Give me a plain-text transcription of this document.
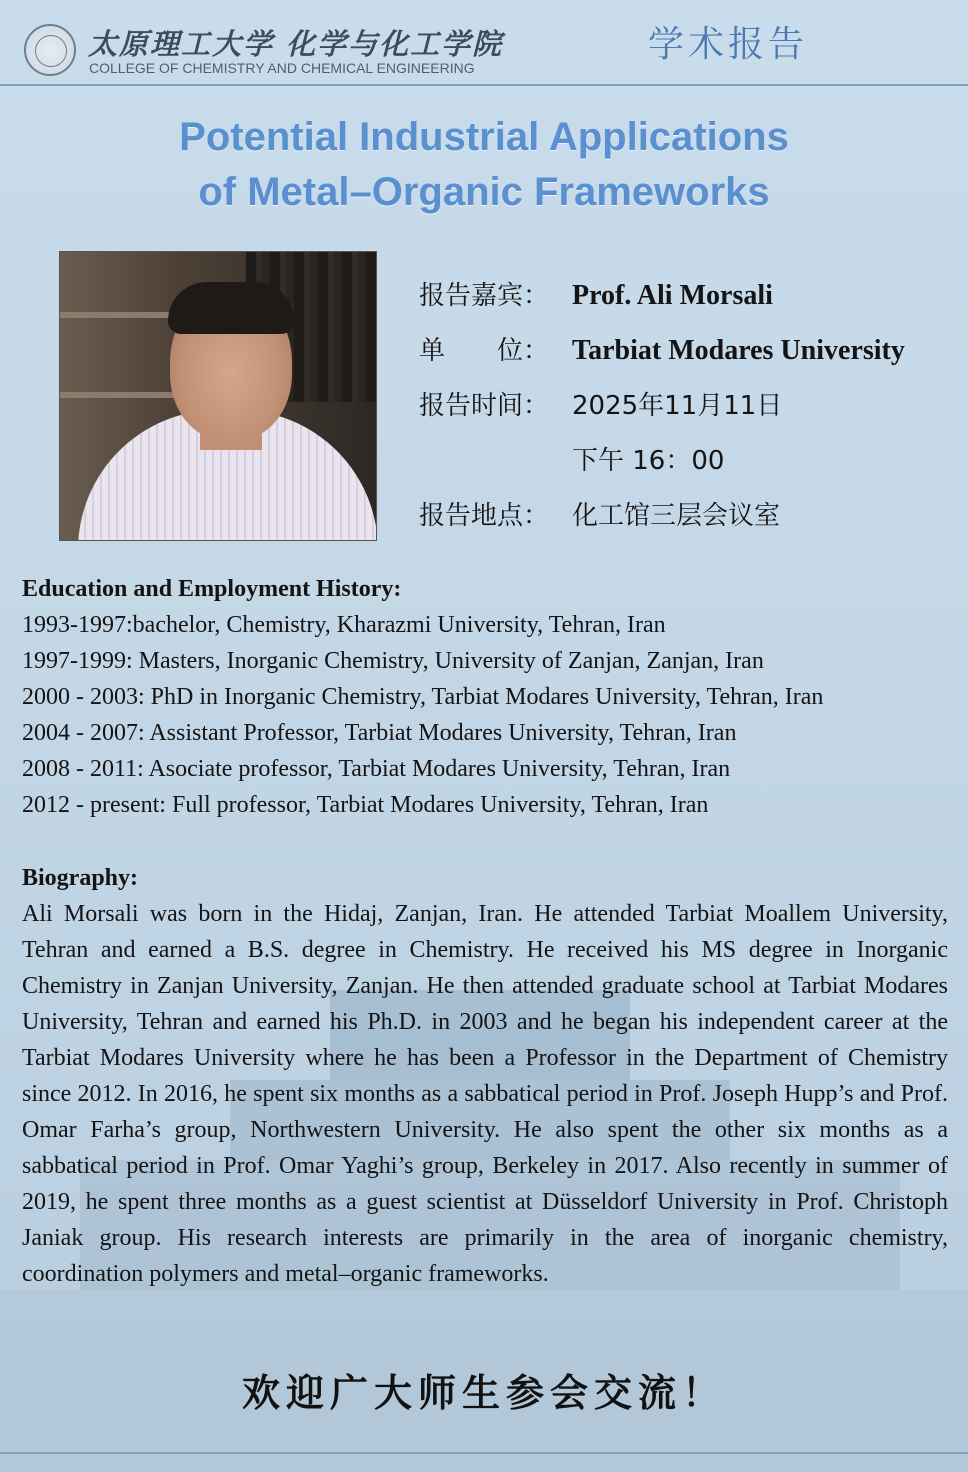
太原理工大学 化学与化工学院
COLLEGE OF CHEMISTRY AND CHEMICAL ENGINEERING
学术报告
Potential Industrial Applications
of Metal–Organic Frameworks
报告嘉宾： Prof. Ali Morsali
单　　位： Tarbiat Modares University
报告时间： 2025年11月11日
下午 16：00
报告地点： 化工馆三层会议室
Education and Employment History:
1993-1997:bachelor, Chemistry, Kharazmi University, Tehran, Iran
1997-1999: Masters, Inorganic Chemistry, University of Zanjan, Zanjan, Iran
2000 - 2003: PhD in Inorganic Chemistry, Tarbiat Modares University, Tehran, Iran
2004 - 2007: Assistant Professor, Tarbiat Modares University, Tehran, Iran
2008 - 2011: Asociate professor, Tarbiat Modares University, Tehran, Iran
2012 - present: Full professor, Tarbiat Modares University, Tehran, Iran
Biography:
Ali Morsali was born in the Hidaj, Zanjan, Iran. He attended Tarbiat Moallem University, Tehran and earned a B.S. degree in Chemistry. He received his MS degree in Inorganic Chemistry in Zanjan University, Zanjan. He then attended graduate school at Tarbiat Modares University, Tehran and earned his Ph.D. in 2003 and he began his independent career at the Tarbiat Modares University where he has been a Professor in the Department of Chemistry since 2012. In 2016, he spent six months as a sabbatical period in Prof. Joseph Hupp’s and Prof. Omar Farha’s group, Northwestern University. He also spent the other six months as a sabbatical period in Prof. Omar Yaghi’s group, Berkeley in 2017. Also recently in summer of 2019, he spent three months as a guest scientist at Düsseldorf University in Prof. Christoph Janiak group. His research interests are primarily in the area of inorganic chemistry, coordination polymers and metal–organic frameworks.
欢迎广大师生参会交流！
